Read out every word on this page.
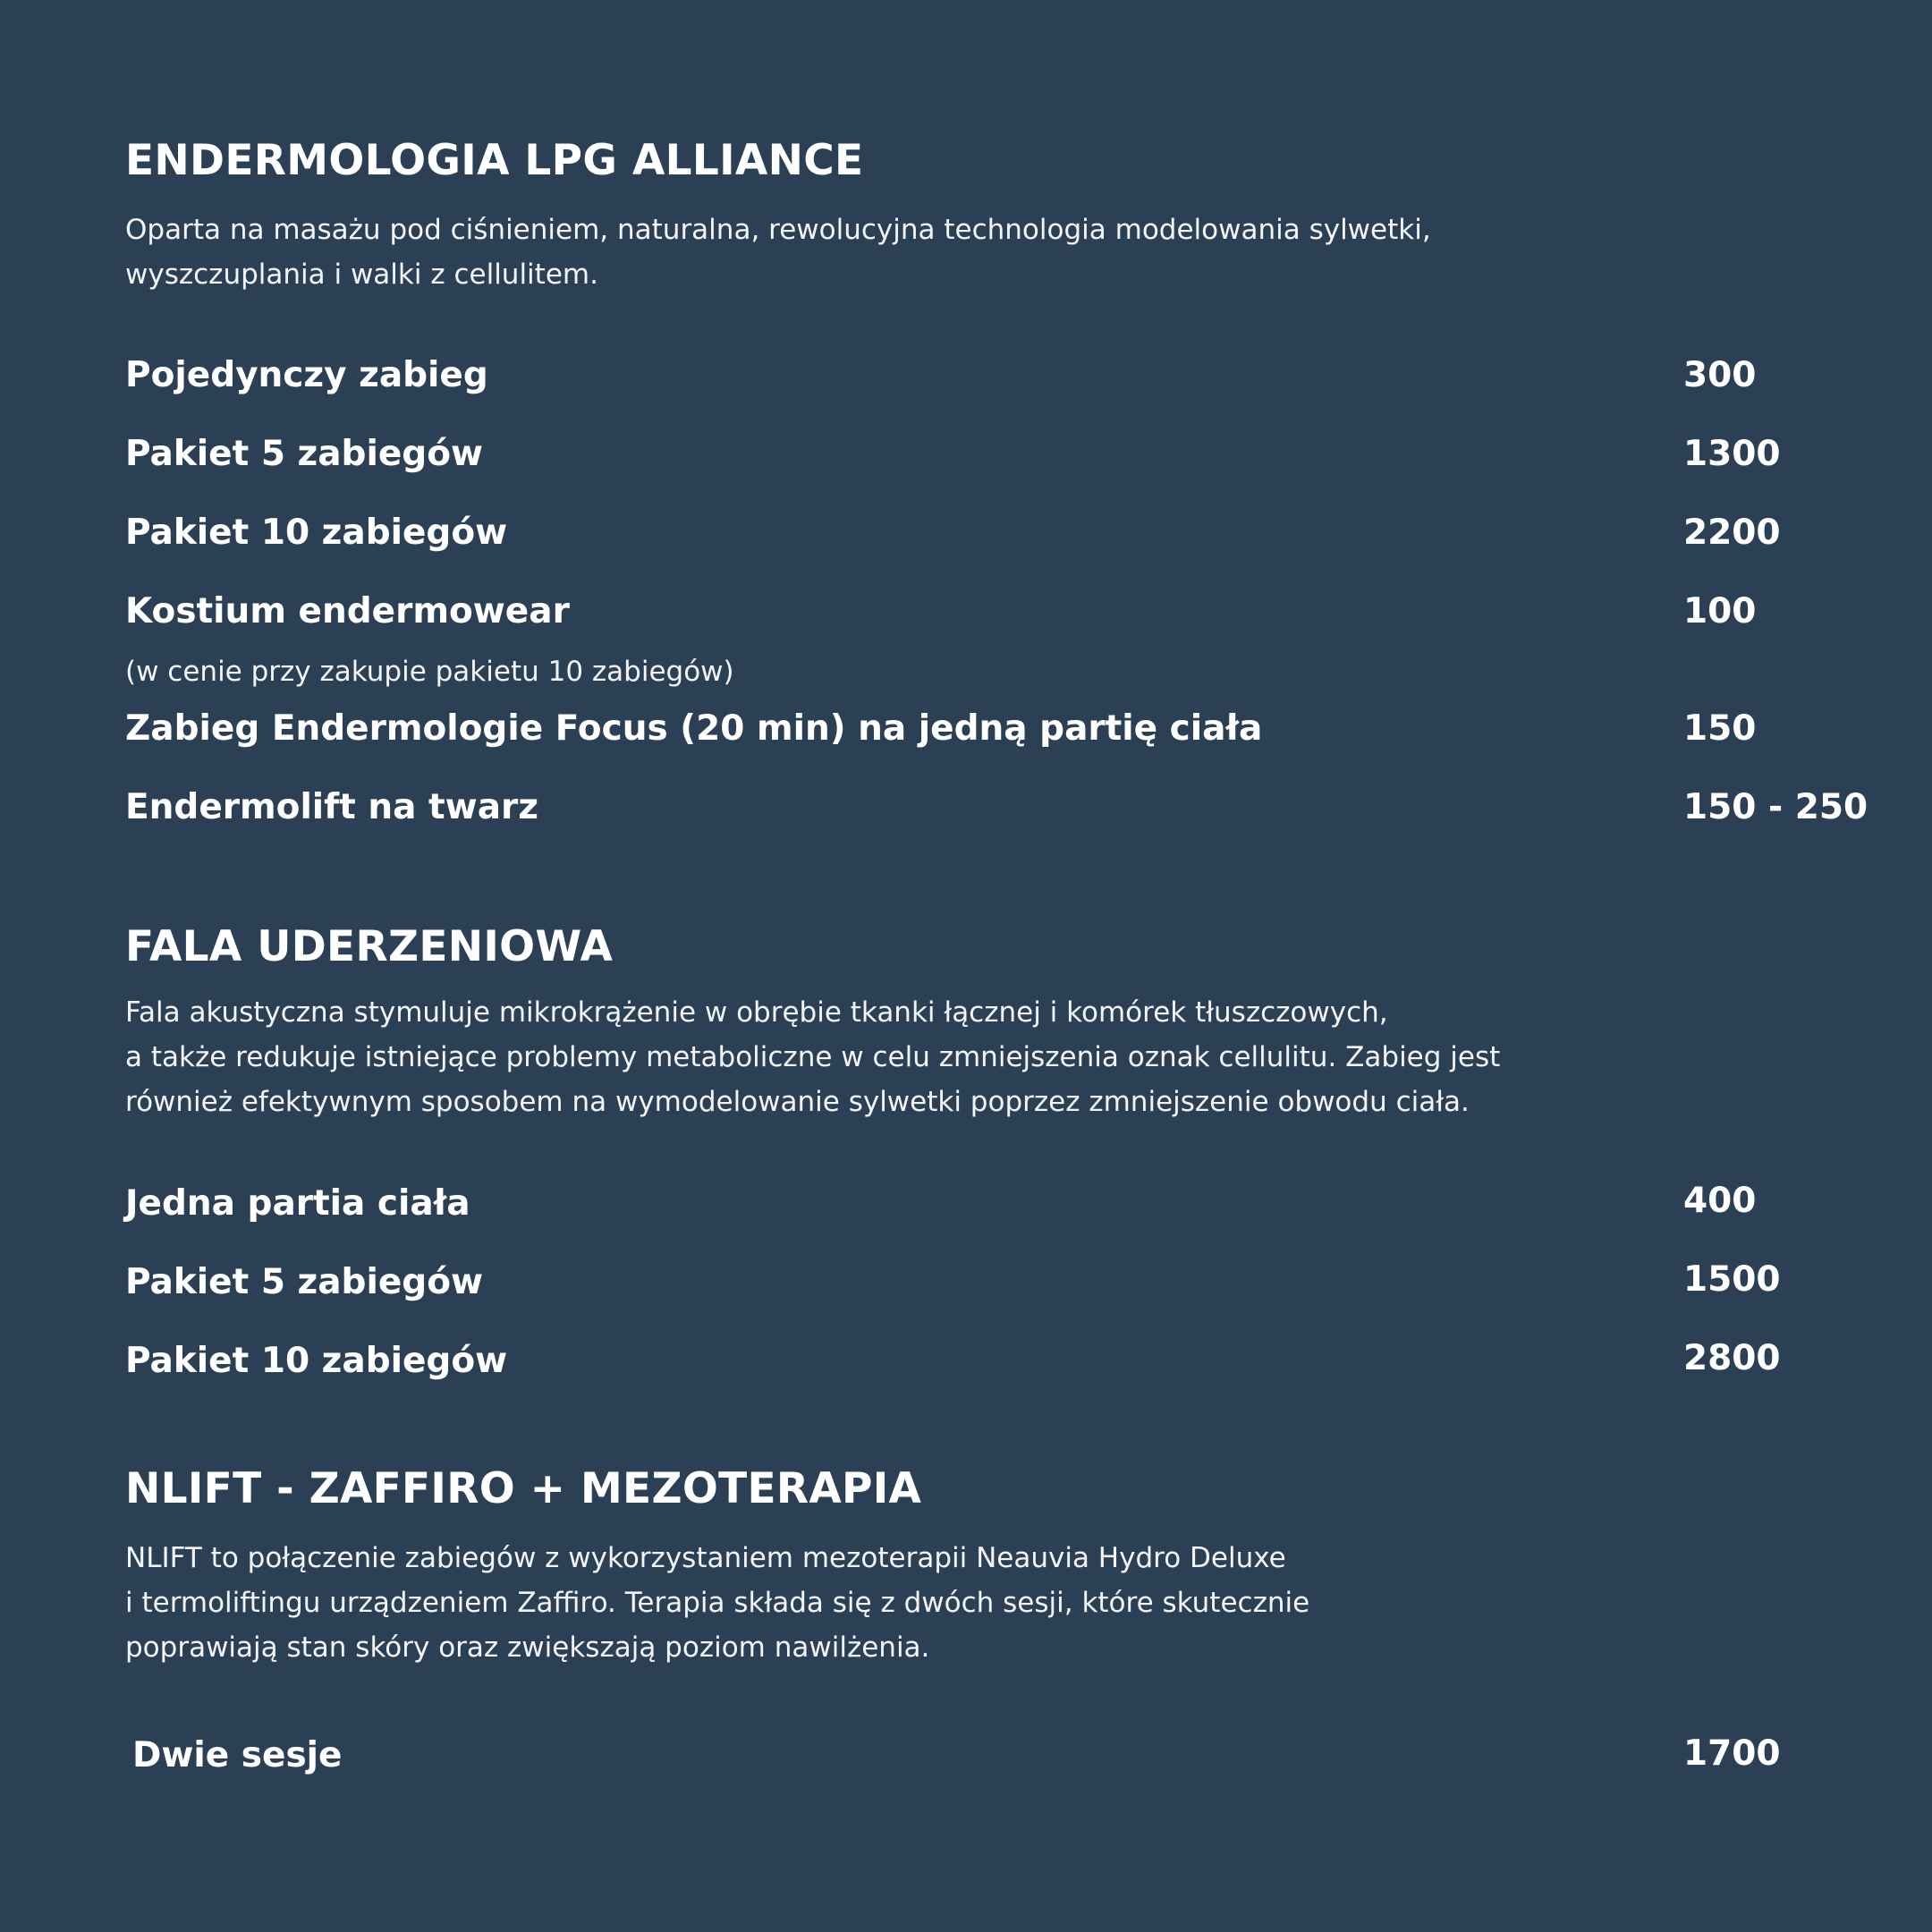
ENDERMOLOGIA LPG ALLIANCE

Oparta na masażu pod ciśnieniem, naturalna, rewolucyjna technologia modelowania sylwetki,
wyszczuplania i walki z cellulitem.

Pojedynczy zabieg	300
Pakiet 5 zabiegów	1300
Pakiet 10 zabiegów	2200
Kostium endermowear	100
(w cenie przy zakupie pakietu 10 zabiegów)
Zabieg Endermologie Focus (20 min) na jedną partię ciała	150
Endermolift na twarz	150 - 250
FALA UDERZENIOWA

Fala akustyczna stymuluje mikrokrążenie w obrębie tkanki łącznej i komórek tłuszczowych,
a także redukuje istniejące problemy metaboliczne w celu zmniejszenia oznak cellulitu. Zabieg jest
również efektywnym sposobem na wymodelowanie sylwetki poprzez zmniejszenie obwodu ciała.

Jedna partia ciała	400
Pakiet 5 zabiegów	1500
Pakiet 10 zabiegów	2800
NLIFT - ZAFFIRO + MEZOTERAPIA

NLIFT to połączenie zabiegów z wykorzystaniem mezoterapii Neauvia Hydro Deluxe
i termoliftingu urządzeniem Zaffiro. Terapia składa się z dwóch sesji, które skutecznie
poprawiają stan skóry oraz zwiększają poziom nawilżenia.

Dwie sesje	1700
